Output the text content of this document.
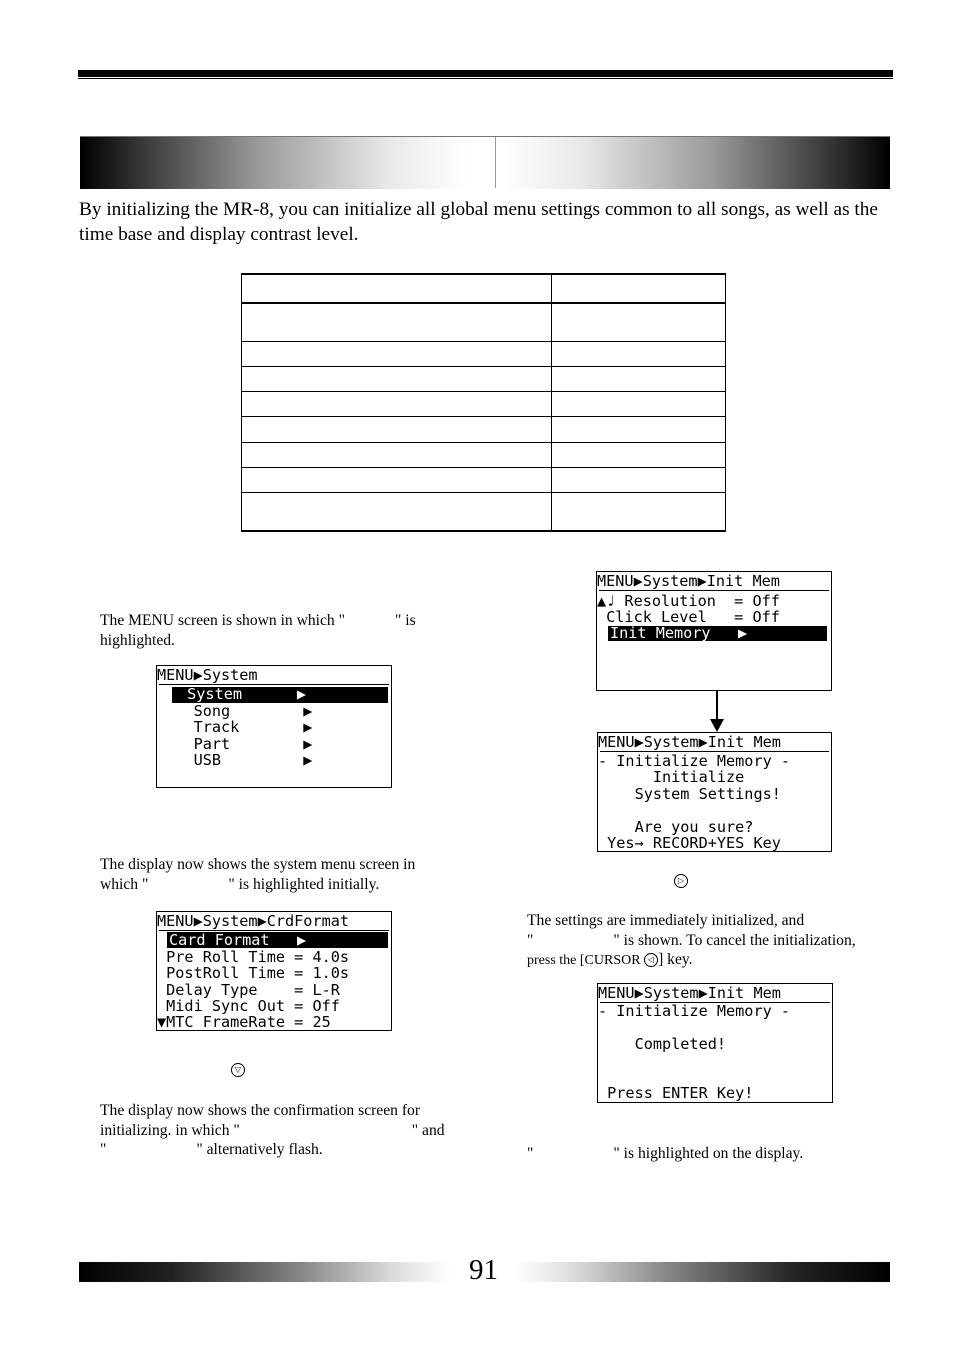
By initializing the MR-8, you can initialize all global menu settings common to all songs, as well as the time base and display contrast level.

The MENU screen is shown in which "	" is
highlighted.
MENU▶System
System      ▶
Song        ▶
Track       ▶
Part        ▶
USB         ▶
The display now shows the system menu screen in
which "	" is highlighted initially.
MENU▶System▶CrdFormat
Card Format   ▶
Pre Roll Time = 4.0s
PostRoll Time = 1.0s
Delay Type    = L-R
Midi Sync Out = Off
▼MTC FrameRate = 25
▽
The display now shows the confirmation screen for
initializing. in which "	" and
"	" alternatively flash.
MENU▶System▶Init Mem
▲♩ Resolution  = Off
Click Level   = Off
Init Memory   ▶
MENU▶System▶Init Mem
- Initialize Memory -
Initialize
System Settings!
Are you sure?
Yes→ RECORD+YES Key
▷
The settings are immediately initialized, and
"	" is shown. To cancel the initialization,
press the [CURSOR ◁ ] key.
MENU▶System▶Init Mem
- Initialize Memory -
Completed!
Press ENTER Key!
"	" is highlighted on the display.
91
